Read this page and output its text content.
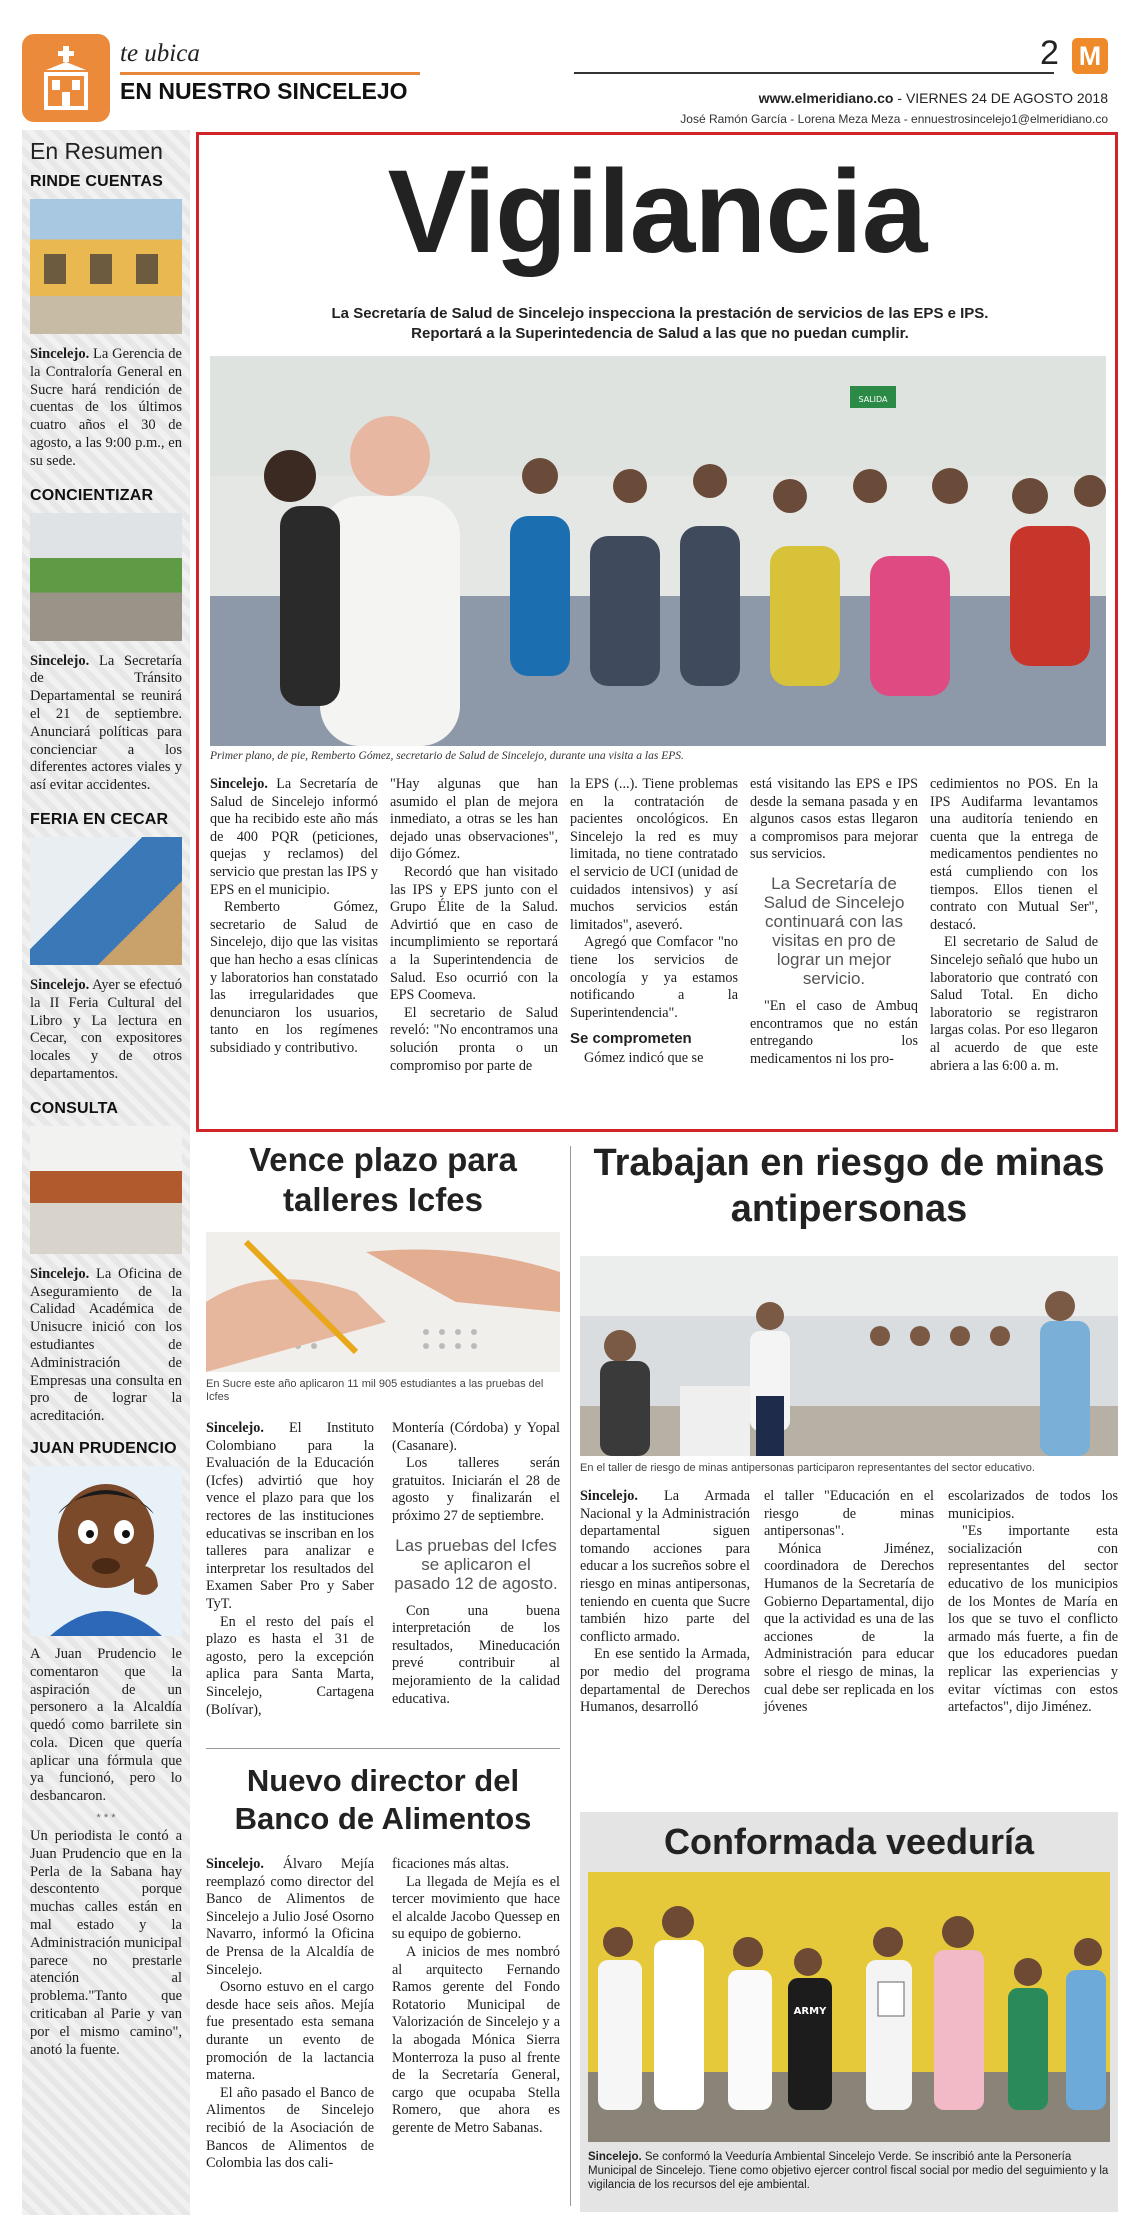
te ubica
EN NUESTRO SINCELEJO
2 M
www.elmeridiano.co - VIERNES 24 DE AGOSTO 2018
José Ramón García - Lorena Meza Meza - ennuestrosincelejo1@elmeridiano.co
En Resumen
RINDE CUENTAS
Sincelejo. La Gerencia de la Contraloría General en Sucre hará rendición de cuentas de los últimos cuatro años el 30 de agosto, a las 9:00 p.m., en su sede.
CONCIENTIZAR
Sincelejo. La Secretaría de Tránsito Departamental se reunirá el 21 de septiembre. Anunciará políticas para concienciar a los diferentes actores viales y así evitar accidentes.
FERIA EN CECAR
Sincelejo. Ayer se efectuó la II Feria Cultural del Libro y La lectura en Cecar, con expositores locales y de otros departamentos.
CONSULTA
Sincelejo. La Oficina de Aseguramiento de la Calidad Académica de Unisucre inició con los estudiantes de Administración de Empresas una consulta en pro de lograr la acreditación.
JUAN PRUDENCIO
A Juan Prudencio le comentaron que la aspiración de un personero a la Alcaldía quedó como barrilete sin cola. Dicen que quería aplicar una fórmula que ya funcionó, pero lo desbancaron.
* * *
Un periodista le contó a Juan Prudencio que en la Perla de la Sabana hay descontento porque muchas calles están en mal estado y la Administración municipal parece no prestarle atención al problema."Tanto que criticaban al Parie y van por el mismo camino", anotó la fuente.
Vigilancia
La Secretaría de Salud de Sincelejo inspecciona la prestación de servicios de las EPS e IPS. Reportará a la Superintedencia de Salud a las que no puedan cumplir.
SALIDA
Primer plano, de pie, Remberto Gómez, secretario de Salud de Sincelejo, durante una visita a las EPS.

Sincelejo. La Secretaría de Salud de Sincelejo informó que ha recibido este año más de 400 PQR (peticiones, quejas y reclamos) del servicio que prestan las IPS y EPS en el municipio.

Remberto Gómez, secretario de Salud de Sincelejo, dijo que las visitas que han hecho a esas clínicas y laboratorios han constatado las irregularidades que denunciaron los usuarios, tanto en los regímenes subsidiado y contributivo.

"Hay algunas que han asumido el plan de mejora inmediato, a otras se les han dejado unas observaciones", dijo Gómez.

Recordó que han visitado las IPS y EPS junto con el Grupo Élite de la Salud. Advirtió que en caso de incumplimiento se reportará a la Superintendencia de Salud. Eso ocurrió con la EPS Coomeva.

El secretario de Salud reveló: "No encontramos una solución pronta o un compromiso por parte de

la EPS (...). Tiene problemas en la contratación de pacientes oncológicos. En Sincelejo la red es muy limitada, no tiene contratado el servicio de UCI (unidad de cuidados intensivos) y así muchos servicios están limitados", aseveró.

Agregó que Comfacor "no tiene los servicios de oncología y ya estamos notificando a la Superintendencia".

Se comprometen

Gómez indicó que se

está visitando las EPS e IPS desde la semana pasada y en algunos casos estas llegaron a compromisos para mejorar sus servicios.

La Secretaría de Salud de Sincelejo continuará con las visitas en pro de lograr un mejor servicio.

"En el caso de Ambuq encontramos que no están entregando los medicamentos ni los pro-

cedimientos no POS. En la IPS Audifarma levantamos una auditoría teniendo en cuenta que la entrega de medicamentos pendientes no está cumpliendo con los tiempos. Ellos tienen el contrato con Mutual Ser", destacó.

El secretario de Salud de Sincelejo señaló que hubo un laboratorio que contrató con Salud Total. En dicho laboratorio se registraron largas colas. Por eso llegaron al acuerdo de que este abriera a las 6:00 a. m.

Vence plazo para talleres Icfes
En Sucre este año aplicaron 11 mil 905 estudiantes a las pruebas del Icfes

Sincelejo. El Instituto Colombiano para la Evaluación de la Educación (Icfes) advirtió que hoy vence el plazo para que los rectores de las instituciones educativas se inscriban en los talleres para analizar e interpretar los resultados del Examen Saber Pro y Saber TyT.

En el resto del país el plazo es hasta el 31 de agosto, pero la excepción aplica para Santa Marta, Sincelejo, Cartagena (Bolívar),

Montería (Córdoba) y Yopal (Casanare).

Los talleres serán gratuitos. Iniciarán el 28 de agosto y finalizarán el próximo 27 de septiembre.

Las pruebas del Icfes se aplicaron el pasado 12 de agosto.

Con una buena interpretación de los resultados, Mineducación prevé contribuir al mejoramiento de la calidad educativa.

Trabajan en riesgo de minas antipersonas
En el taller de riesgo de minas antipersonas participaron representantes del sector educativo.

Sincelejo. La Armada Nacional y la Administración departamental siguen tomando acciones para educar a los sucreños sobre el riesgo en minas antipersonas, teniendo en cuenta que Sucre también hizo parte del conflicto armado.

En ese sentido la Armada, por medio del programa departamental de Derechos Humanos, desarrolló

el taller "Educación en el riesgo de minas antipersonas".

Mónica Jiménez, coordinadora de Derechos Humanos de la Secretaría de Gobierno Departamental, dijo que la actividad es una de las acciones de la Administración para educar sobre el riesgo de minas, la cual debe ser replicada en los jóvenes

escolarizados de todos los municipios.

"Es importante esta socialización con representantes del sector educativo de los municipios de los Montes de María en los que se tuvo el conflicto armado más fuerte, a fin de que los educadores puedan replicar las experiencias y evitar víctimas con estos artefactos", dijo Jiménez.

Nuevo director del Banco de Alimentos

Sincelejo. Álvaro Mejía reemplazó como director del Banco de Alimentos de Sincelejo a Julio José Osorno Navarro, informó la Oficina de Prensa de la Alcaldía de Sincelejo.

Osorno estuvo en el cargo desde hace seis años. Mejía fue presentado esta semana durante un evento de promoción de la lactancia materna.

El año pasado el Banco de Alimentos de Sincelejo recibió de la Asociación de Bancos de Alimentos de Colombia las dos cali-

ficaciones más altas.

La llegada de Mejía es el tercer movimiento que hace el alcalde Jacobo Quessep en su equipo de gobierno.

A inicios de mes nombró al arquitecto Fernando Ramos gerente del Fondo Rotatorio Municipal de Valorización de Sincelejo y a la abogada Mónica Sierra Monterroza la puso al frente de la Secretaría General, cargo que ocupaba Stella Romero, que ahora es gerente de Metro Sabanas.

Conformada veeduría
ARMY
Sincelejo. Se conformó la Veeduría Ambiental Sincelejo Verde. Se inscribió ante la Personería Municipal de Sincelejo. Tiene como objetivo ejercer control fiscal social por medio del seguimiento y la vigilancia de los recursos del eje ambiental.
